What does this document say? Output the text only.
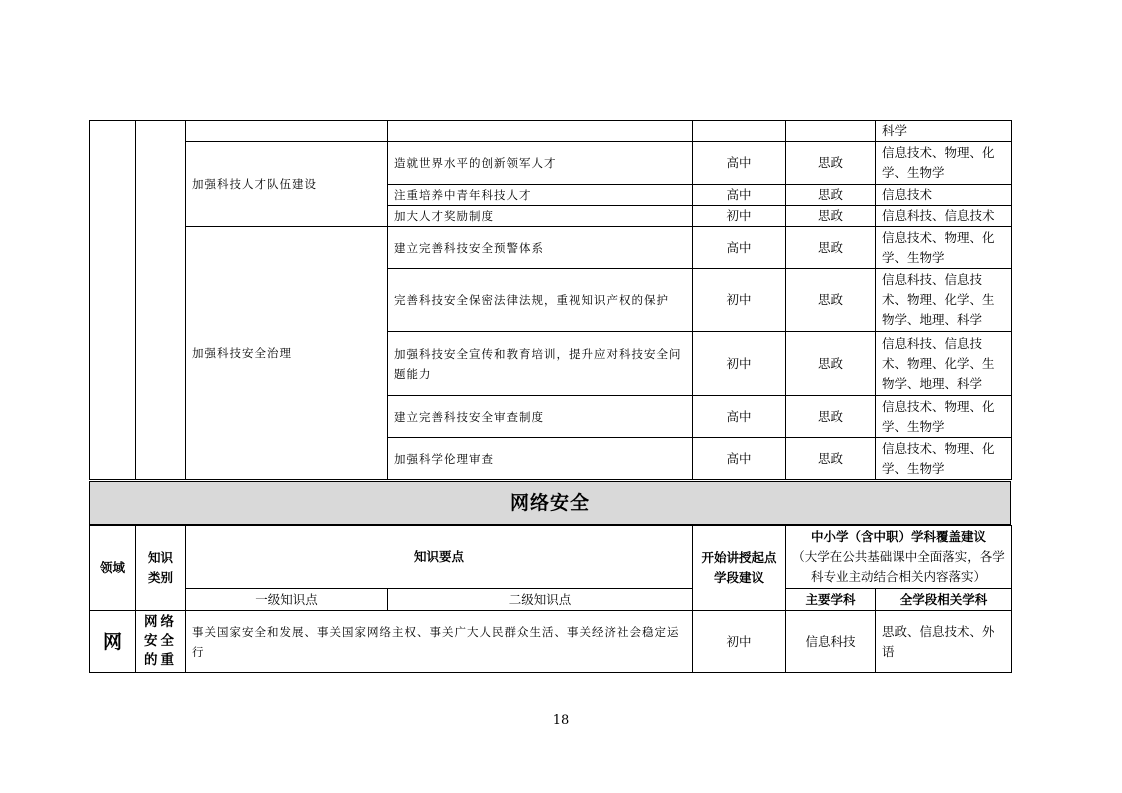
						科学
		加强科技人才队伍建设	造就世界水平的创新领军人才	高中	思政	信息技术、物理、化学、生物学
			注重培养中青年科技人才	高中	思政	信息技术
			加大人才奖励制度	初中	思政	信息科技、信息技术
		加强科技安全治理	建立完善科技安全预警体系	高中	思政	信息技术、物理、化学、生物学
			完善科技安全保密法律法规，重视知识产权的保护	初中	思政	信息科技、信息技术、物理、化学、生物学、地理、科学
			加强科技安全宣传和教育培训，提升应对科技安全问题能力	初中	思政	信息科技、信息技术、物理、化学、生物学、地理、科学
			建立完善科技安全审查制度	高中	思政	信息技术、物理、化学、生物学
			加强科学伦理审查	高中	思政	信息技术、物理、化学、生物学
网络安全
领域	知识类别	知识要点		开始讲授起点学段建议	中小学（含中职）学科覆盖建议
（大学在公共基础课中全面落实，各学科专业主动结合相关内容落实）	

		一级知识点	二级知识点		主要学科	全学段相关学科
网	网络安全的重	事关国家安全和发展、事关国家网络主权、事关广大人民群众生活、事关经济社会稳定运行		初中	信息科技	思政、信息技术、外语
18
